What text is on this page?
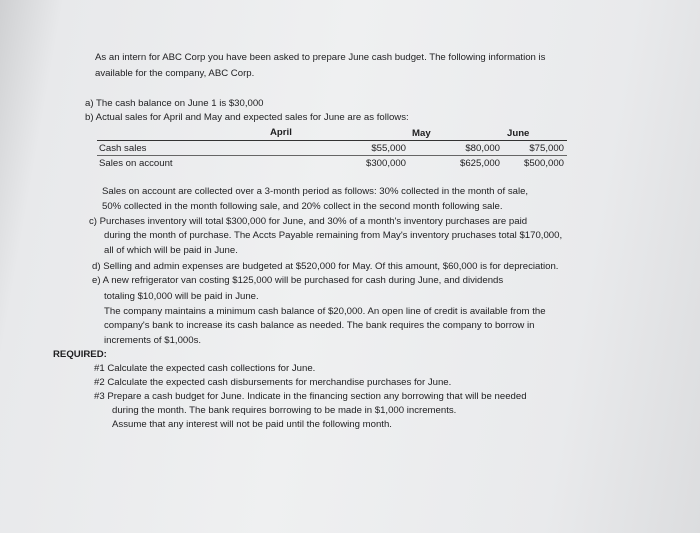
As an intern for ABC Corp you have been asked to prepare June cash budget. The following information is
available for the company, ABC Corp.
a) The cash balance on June 1 is $30,000
b) Actual sales for April and May and expected sales for June are as follows:
April	May	June
Cash sales	$55,000	$80,000	$75,000
Sales on account	$300,000	$625,000	$500,000
Sales on account are collected over a 3-month period as follows: 30% collected in the month of sale,
50% collected in the month following sale, and 20% collect in the second month following sale.
c) Purchases inventory will total $300,000 for June, and 30% of a month's inventory purchases are paid
during the month of purchase. The Accts Payable remaining from May's inventory pruchases total $170,000,
all of which will be paid in June.
d) Selling and admin expenses are budgeted at $520,000 for May. Of this amount, $60,000 is for depreciation.
e) A new refrigerator van costing $125,000 will be purchased for cash during June, and dividends
totaling $10,000 will be paid in June.
The company maintains a minimum cash balance of $20,000. An open line of credit is available from the
company's bank to increase its cash balance as needed. The bank requires the company to borrow in
increments of $1,000s.
REQUIRED:
#1 Calculate the expected cash collections for June.
#2 Calculate the expected cash disbursements for merchandise purchases for June.
#3 Prepare a cash budget for June. Indicate in the financing section any borrowing that will be needed
during the month. The bank requires borrowing to be made in $1,000 increments.
Assume that any interest will not be paid until the following month.
